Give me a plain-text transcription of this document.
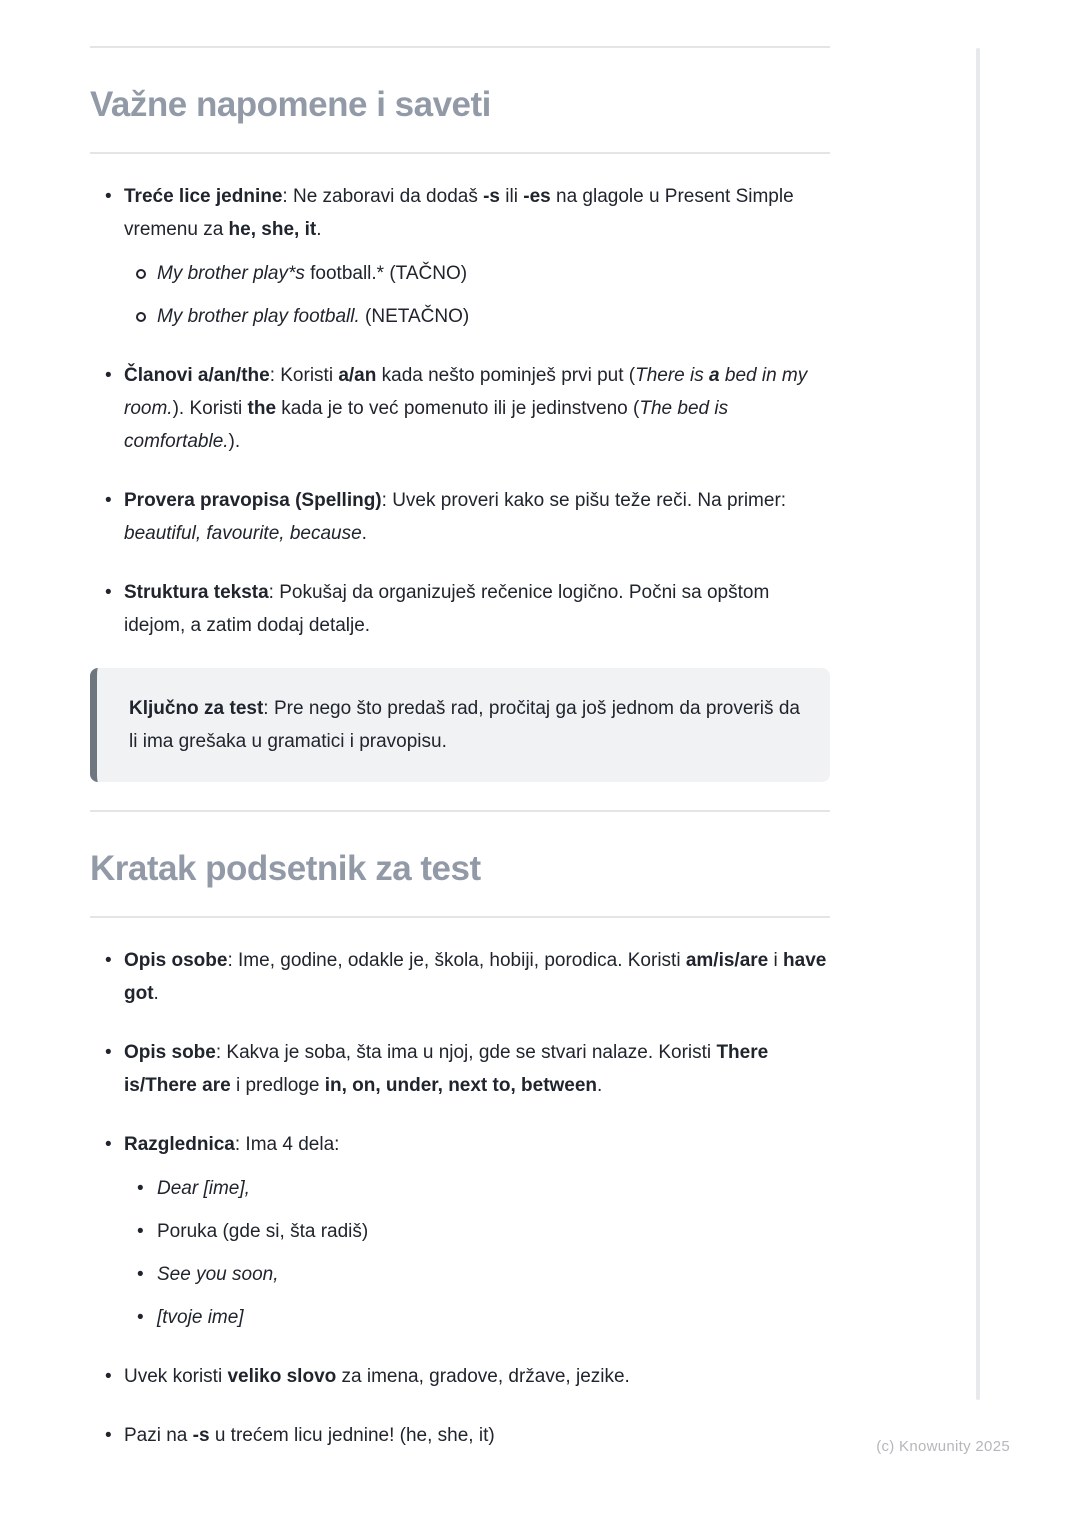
Važne napomene i saveti
• Treće lice jednine: Ne zaboravi da dodaš -s ili -es na glagole u Present Simple vremenu za he, she, it.
My brother play*s football.* (TAČNO)
My brother play football. (NETAČNO)
• Članovi a/an/the: Koristi a/an kada nešto pominješ prvi put (There is a bed in my room.). Koristi the kada je to već pomenuto ili je jedinstveno (The bed is comfortable.).
• Provera pravopisa (Spelling): Uvek proveri kako se pišu teže reči. Na primer: beautiful, favourite, because.
• Struktura teksta: Pokušaj da organizuješ rečenice logično. Počni sa opštom idejom, a zatim dodaj detalje.
Ključno za test: Pre nego što predaš rad, pročitaj ga još jednom da proveriš da li ima grešaka u gramatici i pravopisu.
Kratak podsetnik za test
• Opis osobe: Ime, godine, odakle je, škola, hobiji, porodica. Koristi am/is/are i have got.
• Opis sobe: Kakva je soba, šta ima u njoj, gde se stvari nalaze. Koristi There is/There are i predloge in, on, under, next to, between.
• Razglednica: Ima 4 dela:
• Dear [ime],
• Poruka (gde si, šta radiš)
• See you soon,
• [tvoje ime]
• Uvek koristi veliko slovo za imena, gradove, države, jezike.
• Pazi na -s u trećem licu jednine! (he, she, it)
(c) Knowunity 2025
